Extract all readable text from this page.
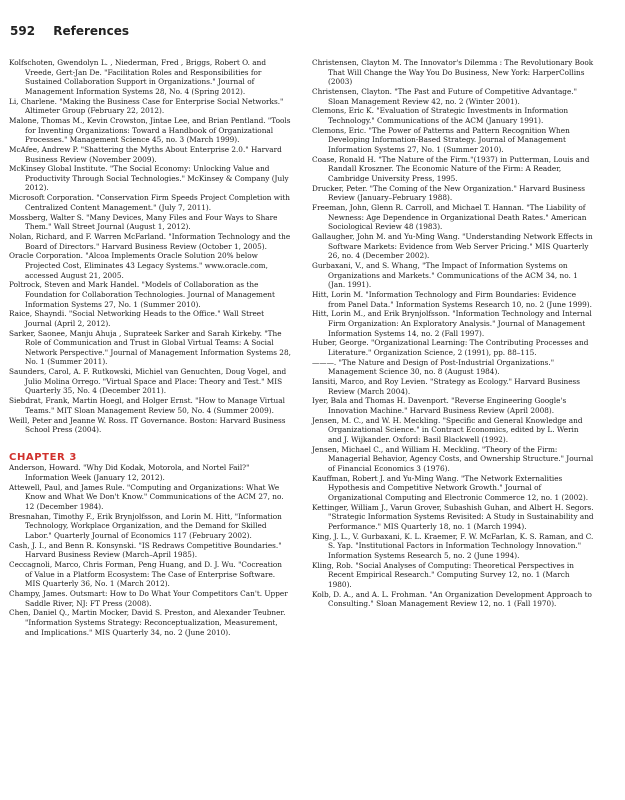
592 References

Kolfschoten, Gwendolyn L. , Niederman, Fred , Briggs, Robert O. and Vreede, Gert-Jan De. "Facilitation Roles and Responsibilities for Sustained Collaboration Support in Organizations." Journal of Management Information Systems 28, No. 4 (Spring 2012).

Li, Charlene. "Making the Business Case for Enterprise Social Networks." Altimeter Group (February 22, 2012).

Malone, Thomas M., Kevin Crowston, Jintae Lee, and Brian Pentland. "Tools for Inventing Organizations: Toward a Handbook of Organizational Processes." Management Science 45, no. 3 (March 1999).

McAfee, Andrew P. "Shattering the Myths About Enterprise 2.0." Harvard Business Review (November 2009).

McKinsey Global Institute. "The Social Economy: Unlocking Value and Productivity Through Social Technologies." McKinsey & Company (July 2012).

Microsoft Corporation. "Conservation Firm Speeds Project Completion with Centralized Content Management." (July 7, 2011).

Mossberg, Walter S. "Many Devices, Many Files and Four Ways to Share Them." Wall Street Journal (August 1, 2012).

Nolan, Richard, and F. Warren McFarland. "Information Technology and the Board of Directors." Harvard Business Review (October 1, 2005).

Oracle Corporation. "Alcoa Implements Oracle Solution 20% below Projected Cost, Eliminates 43 Legacy Systems." www.oracle.com, accessed August 21, 2005.

Poltrock, Steven and Mark Handel. "Models of Collaboration as the Foundation for Collaboration Technologies. Journal of Management Information Systems 27, No. 1 (Summer 2010).

Raice, Shayndi. "Social Networking Heads to the Office." Wall Street Journal (April 2, 2012).

Sarker, Saonee, Manju Ahuja , Suprateek Sarker and Sarah Kirkeby. "The Role of Communication and Trust in Global Virtual Teams: A Social Network Perspective." Journal of Management Information Systems 28, No. 1 (Summer 2011).

Saunders, Carol, A. F. Rutkowski, Michiel van Genuchten, Doug Vogel, and Julio Molina Orrego. "Virtual Space and Place: Theory and Test." MIS Quarterly 35, No. 4 (December 2011).

Siebdrat, Frank, Martin Hoegl, and Holger Ernst. "How to Manage Virtual Teams." MIT Sloan Management Review 50, No. 4 (Summer 2009).

Weill, Peter and Jeanne W. Ross. IT Governance. Boston: Harvard Business School Press (2004).

CHAPTER 3

Anderson, Howard. "Why Did Kodak, Motorola, and Nortel Fail?" Information Week (January 12, 2012).

Attewell, Paul, and James Rule. "Computing and Organizations: What We Know and What We Don't Know." Communications of the ACM 27, no. 12 (December 1984).

Bresnahan, Timothy F., Erik Brynjolfsson, and Lorin M. Hitt, "Information Technology, Workplace Organization, and the Demand for Skilled Labor." Quarterly Journal of Economics 117 (February 2002).

Cash, J. I., and Benn R. Konsynski. "IS Redraws Competitive Boundaries." Harvard Business Review (March–April 1985).

Ceccagnoli, Marco, Chris Forman, Peng Huang, and D. J. Wu. "Cocreation of Value in a Platform Ecosystem: The Case of Enterprise Software. MIS Quarterly 36, No. 1 (March 2012).

Champy, James. Outsmart: How to Do What Your Competitors Can't. Upper Saddle River, NJ: FT Press (2008).

Chen, Daniel Q., Martin Mocker, David S. Preston, and Alexander Teubner. "Information Systems Strategy: Reconceptualization, Measurement, and Implications." MIS Quarterly 34, no. 2 (June 2010).

Christensen, Clayton M. The Innovator's Dilemma : The Revolutionary Book That Will Change the Way You Do Business, New York: HarperCollins (2003)

Christensen, Clayton. "The Past and Future of Competitive Advantage." Sloan Management Review 42, no. 2 (Winter 2001).

Clemons, Eric K. "Evaluation of Strategic Investments in Information Technology." Communications of the ACM (January 1991).

Clemons, Eric. "The Power of Patterns and Pattern Recognition When Developing Information-Based Strategy. Journal of Management Information Systems 27, No. 1 (Summer 2010).

Coase, Ronald H. "The Nature of the Firm."(1937) in Putterman, Louis and Randall Kroszner. The Economic Nature of the Firm: A Reader, Cambridge University Press, 1995.

Drucker, Peter. "The Coming of the New Organization." Harvard Business Review (January–February 1988).

Freeman, John, Glenn R. Carroll, and Michael T. Hannan. "The Liability of Newness: Age Dependence in Organizational Death Rates." American Sociological Review 48 (1983).

Gallaugher, John M. and Yu-Ming Wang. "Understanding Network Effects in Software Markets: Evidence from Web Server Pricing." MIS Quarterly 26, no. 4 (December 2002).

Gurbaxani, V., and S. Whang, "The Impact of Information Systems on Organizations and Markets." Communications of the ACM 34, no. 1 (Jan. 1991).

Hitt, Lorin M. "Information Technology and Firm Boundaries: Evidence from Panel Data." Information Systems Research 10, no. 2 (June 1999).

Hitt, Lorin M., and Erik Brynjolfsson. "Information Technology and Internal Firm Organization: An Exploratory Analysis." Journal of Management Information Systems 14, no. 2 (Fall 1997).

Huber, George. "Organizational Learning: The Contributing Processes and Literature." Organization Science, 2 (1991), pp. 88–115.

———. "The Nature and Design of Post-Industrial Organizations." Management Science 30, no. 8 (August 1984).

Iansiti, Marco, and Roy Levien. "Strategy as Ecology." Harvard Business Review (March 2004).

Iyer, Bala and Thomas H. Davenport. "Reverse Engineering Google's Innovation Machine." Harvard Business Review (April 2008).

Jensen, M. C., and W. H. Meckling. "Specific and General Knowledge and Organizational Science." in Contract Economics, edited by L. Werin and J. Wijkander. Oxford: Basil Blackwell (1992).

Jensen, Michael C., and William H. Meckling. "Theory of the Firm: Managerial Behavior, Agency Costs, and Ownership Structure." Journal of Financial Economics 3 (1976).

Kauffman, Robert J. and Yu-Ming Wang. "The Network Externalities Hypothesis and Competitive Network Growth." Journal of Organizational Computing and Electronic Commerce 12, no. 1 (2002).

Kettinger, William J., Varun Grover, Subashish Guhan, and Albert H. Segors. "Strategic Information Systems Revisited: A Study in Sustainability and Performance." MIS Quarterly 18, no. 1 (March 1994).

King, J. L., V. Gurbaxani, K. L. Kraemer, F. W. McFarlan, K. S. Raman, and C. S. Yap. "Institutional Factors in Information Technology Innovation." Information Systems Research 5, no. 2 (June 1994).

Kling, Rob. "Social Analyses of Computing: Theoretical Perspectives in Recent Empirical Research." Computing Survey 12, no. 1 (March 1980).

Kolb, D. A., and A. L. Frohman. "An Organization Development Approach to Consulting." Sloan Management Review 12, no. 1 (Fall 1970).
